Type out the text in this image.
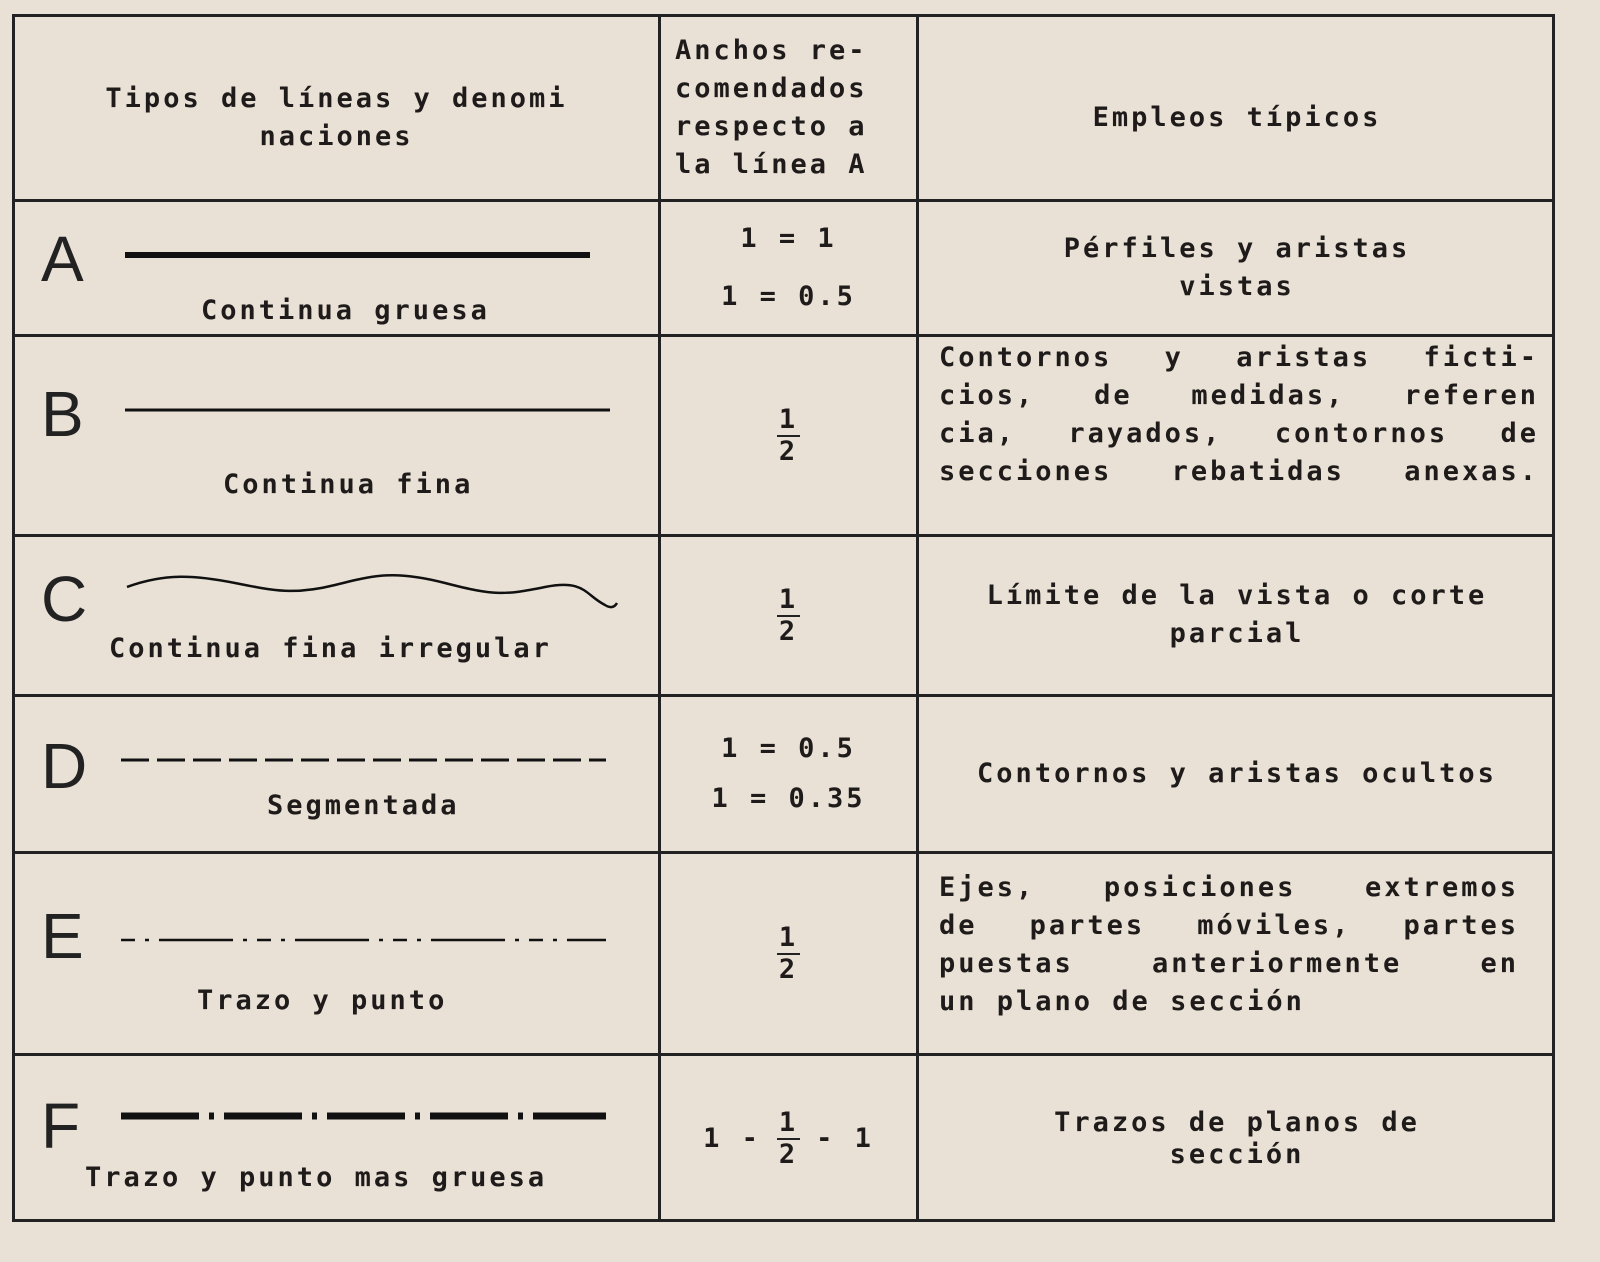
Tipos de líneas y denomi
naciones
Anchos re-
comendados
respecto a
la línea A
Empleos típicos
A
Continua gruesa
1 = 1
1 = 0.5
Pérfiles y aristas
vistas
B
Continua fina
$\frac{1}{2}$
Contornos y aristas ficti-
cios, de medidas, referen
cia, rayados, contornos de
secciones rebatidas anexas.
C
Continua fina irregular
$\frac{1}{2}$	Límite de la vista o corte
parcial
D
Segmentada
1 = 0.5
1 = 0.35
Contornos y aristas ocultos
E
Trazo y punto
$\frac{1}{2}$
Ejes, posiciones extremos
de partes móviles, partes
puestas anteriormente en
un plano de sección
F
Trazo y punto mas gruesa
$1 - \frac{1}{2} - 1$
Trazos de planos de
sección
